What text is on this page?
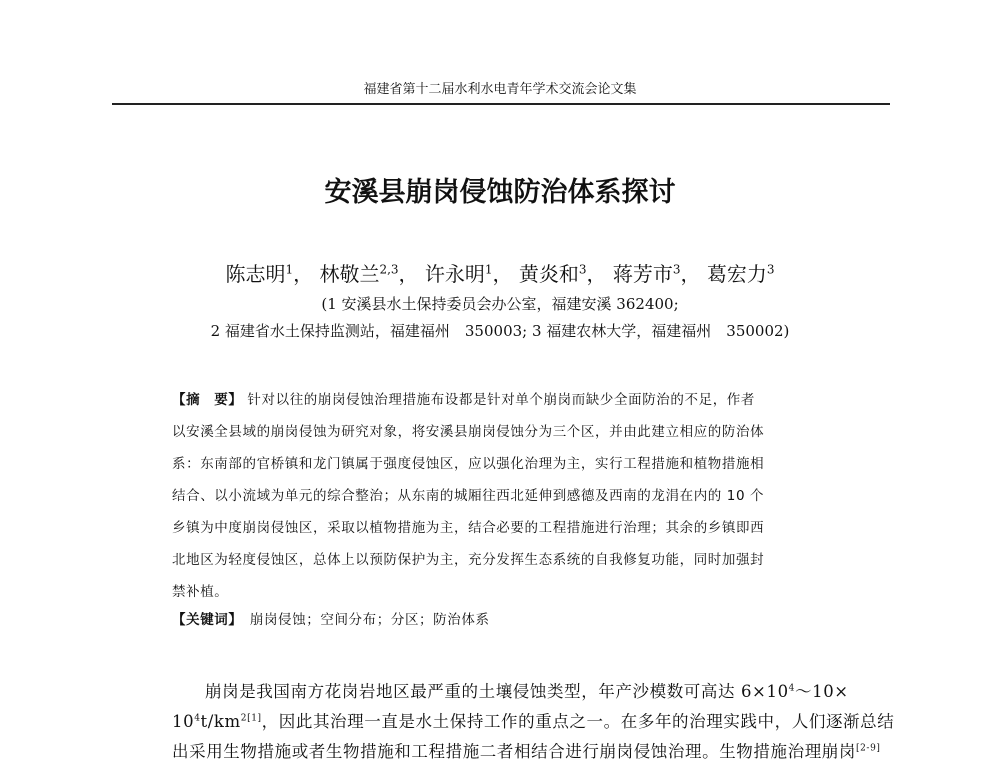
福建省第十二届水利水电青年学术交流会论文集
安溪县崩岗侵蚀防治体系探讨
陈志明$^1$， 林敬兰$^{2,3}$， 许永明$^1$， 黄炎和$^3$， 蒋芳市$^3$， 葛宏力$^3$
(1 安溪县水土保持委员会办公室，福建安溪 362400;
2 福建省水土保持监测站，福建福州　350003; 3 福建农林大学，福建福州　350002)
【摘　要】 针对以往的崩岗侵蚀治理措施布设都是针对单个崩岗而缺少全面防治的不足，作者
以安溪全县域的崩岗侵蚀为研究对象，将安溪县崩岗侵蚀分为三个区，并由此建立相应的防治体
系：东南部的官桥镇和龙门镇属于强度侵蚀区，应以强化治理为主，实行工程措施和植物措施相
结合、以小流域为单元的综合整治；从东南的城厢往西北延伸到感德及西南的龙涓在内的 10 个
乡镇为中度崩岗侵蚀区，采取以植物措施为主，结合必要的工程措施进行治理；其余的乡镇即西
北地区为轻度侵蚀区，总体上以预防保护为主，充分发挥生态系统的自我修复功能，同时加强封
禁补植。
【关键词】　 崩岗侵蚀；空间分布；分区；防治体系
崩岗是我国南方花岗岩地区最严重的土壤侵蚀类型，年产沙模数可高达 $6\times 10^4\sim 10\times$
$10^4t/km^{2[1]}$，因此其治理一直是水土保持工作的重点之一。在多年的治理实践中，人们逐渐总结
出采用生物措施或者生物措施和工程措施二者相结合进行崩岗侵蚀治理。生物措施治理崩岗[2-9]
